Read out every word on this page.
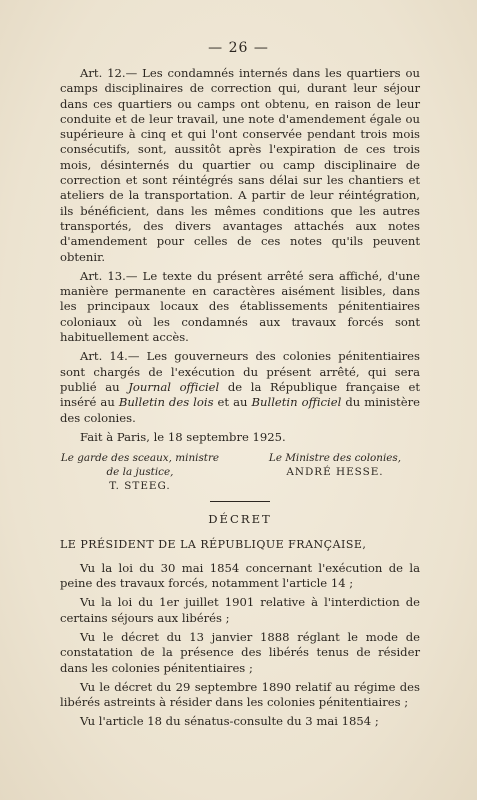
— 26 —

Art. 12.— Les condamnés internés dans les quartiers ou camps disciplinaires de correction qui, durant leur séjour dans ces quartiers ou camps ont obtenu, en raison de leur conduite et de leur travail, une note d'amendement égale ou supérieure à cinq et qui l'ont conservée pendant trois mois consécutifs, sont, aussitôt après l'expiration de ces trois mois, désinternés du quartier ou camp disciplinaire de correction et sont réintégrés sans délai sur les chantiers et ateliers de la transportation. A partir de leur réintégration, ils bénéficient, dans les mêmes conditions que les autres transportés, des divers avantages attachés aux notes d'amendement pour celles de ces notes qu'ils peuvent obtenir.

Art. 13.— Le texte du présent arrêté sera affiché, d'une manière permanente en caractères aisément lisibles, dans les principaux locaux des établissements pénitentiaires coloniaux où les condamnés aux travaux forcés sont habituellement accès.

Art. 14.— Les gouverneurs des colonies pénitentiaires sont chargés de l'exécution du présent arrêté, qui sera publié au Journal officiel de la République française et inséré au Bulletin des lois et au Bulletin officiel du ministère des colonies.

Fait à Paris, le 18 septembre 1925.

Le garde des sceaux, ministre
de la justice,
T. STEEG.
Le Ministre des colonies,
ANDRÉ HESSE.
DÉCRET

LE PRÉSIDENT DE LA RÉPUBLIQUE FRANÇAISE,

Vu la loi du 30 mai 1854 concernant l'exécution de la peine des travaux forcés, notamment l'article 14 ;

Vu la loi du 1er juillet 1901 relative à l'interdiction de certains séjours aux libérés ;

Vu le décret du 13 janvier 1888 réglant le mode de constatation de la présence des libérés tenus de résider dans les colonies pénitentiaires ;

Vu le décret du 29 septembre 1890 relatif au régime des libérés astreints à résider dans les colonies pénitentiaires ;

Vu l'article 18 du sénatus-consulte du 3 mai 1854 ;
